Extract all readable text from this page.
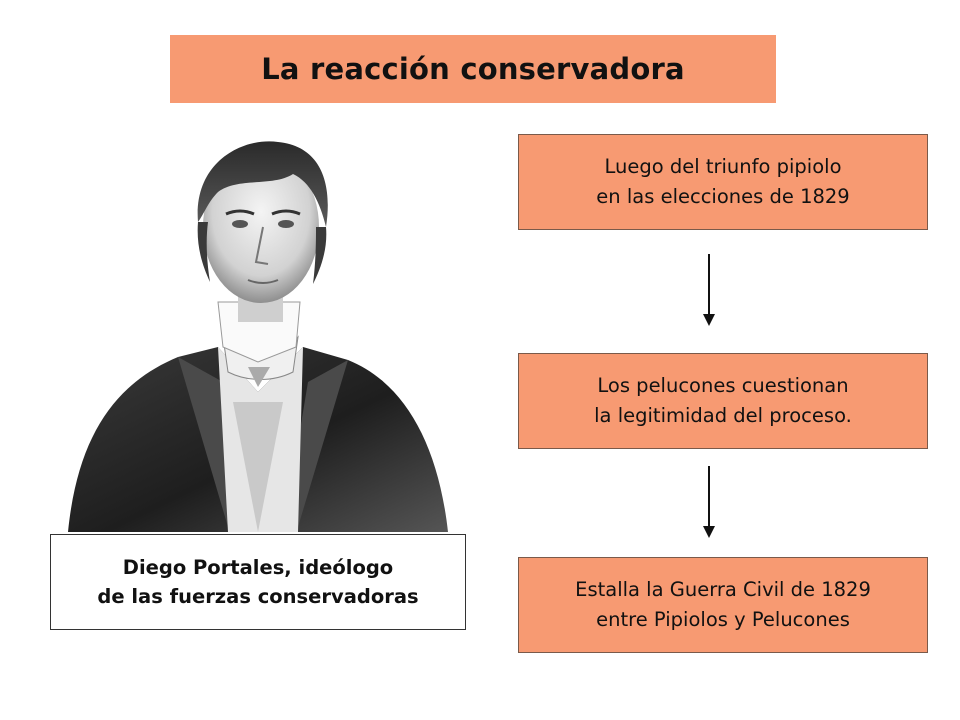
La reacción conservadora
Diego Portales, ideólogo
de las fuerzas conservadoras
Luego del triunfo pipiolo
en las elecciones de 1829
Los pelucones cuestionan
la legitimidad del proceso.
Estalla la Guerra Civil de 1829
entre Pipiolos y Pelucones
